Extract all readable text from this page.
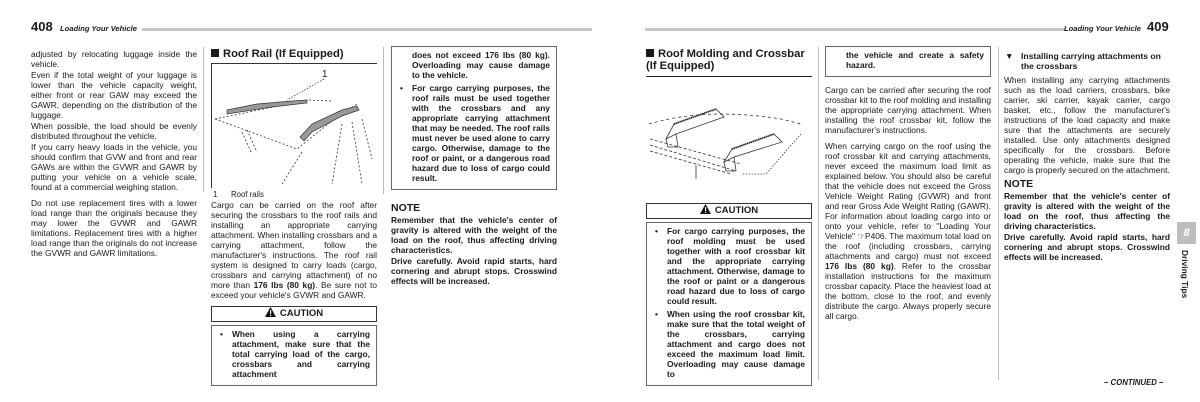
408 Loading Your Vehicle	Loading Your Vehicle 409

adjusted by relocating luggage inside the vehicle.

Even if the total weight of your luggage is lower than the vehicle capacity weight, either front or rear GAW may exceed the GAWR, depending on the distribution of the luggage.

When possible, the load should be evenly distributed throughout the vehicle.

If you carry heavy loads in the vehicle, you should confirm that GVW and front and rear GAWs are within the GVWR and GAWR by putting your vehicle on a vehicle scale, found at a commercial weighing station.

Do not use replacement tires with a lower load range than the originals because they may lower the GVWR and GAWR limitations. Replacement tires with a higher load range than the originals do not increase the GVWR and GAWR limitations.

Roof Rail (If Equipped)
1
1 Roof rails

Cargo can be carried on the roof after securing the crossbars to the roof rails and installing an appropriate carrying attachment. When installing crossbars and a carrying attachment, follow the manufacturer's instructions. The roof rail system is designed to carry loads (cargo, crossbars and carrying attachment) of no more than 176 lbs (80 kg). Be sure not to exceed your vehicle's GVWR and GAWR.

CAUTION
• When using a carrying attachment, make sure that the total carrying load of the cargo, crossbars and carrying attachment
does not exceed 176 lbs (80 kg). Overloading may cause damage to the vehicle.
• For cargo carrying purposes, the roof rails must be used together with the crossbars and any appropriate carrying attachment that may be needed. The roof rails must never be used alone to carry cargo. Otherwise, damage to the roof or paint, or a dangerous road hazard due to loss of cargo could result.
NOTE

Remember that the vehicle's center of gravity is altered with the weight of the load on the roof, thus affecting driving characteristics.

Drive carefully. Avoid rapid starts, hard cornering and abrupt stops. Crosswind effects will be increased.

Roof Molding and Crossbar (If Equipped)
CAUTION
• For cargo carrying purposes, the roof molding must be used together with a roof crossbar kit and the appropriate carrying attachment. Otherwise, damage to the roof or paint or a dangerous road hazard due to loss of cargo could result.
• When using the roof crossbar kit, make sure that the total weight of the crossbars, carrying attachment and cargo does not exceed the maximum load limit. Overloading may cause damage to
the vehicle and create a safety hazard.

Cargo can be carried after securing the roof crossbar kit to the roof molding and installing the appropriate carrying attachment. When installing the roof crossbar kit, follow the manufacturer's instructions.

When carrying cargo on the roof using the roof crossbar kit and carrying attachments, never exceed the maximum load limit as explained below. You should also be careful that the vehicle does not exceed the Gross Vehicle Weight Rating (GVWR) and front and rear Gross Axle Weight Rating (GAWR). For information about loading cargo into or onto your vehicle, refer to "Loading Your Vehicle" ☞P406. The maximum total load on the roof (including crossbars, carrying attachments and cargo) must not exceed 176 lbs (80 kg). Refer to the crossbar installation instructions for the maximum crossbar capacity. Place the heaviest load at the bottom, close to the roof, and evenly distribute the cargo. Always properly secure all cargo.

▼ Installing carrying attachments on the crossbars

When installing any carrying attachments such as the load carriers, crossbars, bike carrier, ski carrier, kayak carrier, cargo basket, etc., follow the manufacturer's instructions of the load capacity and make sure that the attachments are securely installed. Use only attachments designed specifically for the crossbars. Before operating the vehicle, make sure that the cargo is properly secured on the attachment.

NOTE

Remember that the vehicle's center of gravity is altered with the weight of the load on the roof, thus affecting the driving characteristics.

Drive carefully. Avoid rapid starts, hard cornering and abrupt stops. Crosswind effects will be increased.

8
Driving Tips
– CONTINUED –
